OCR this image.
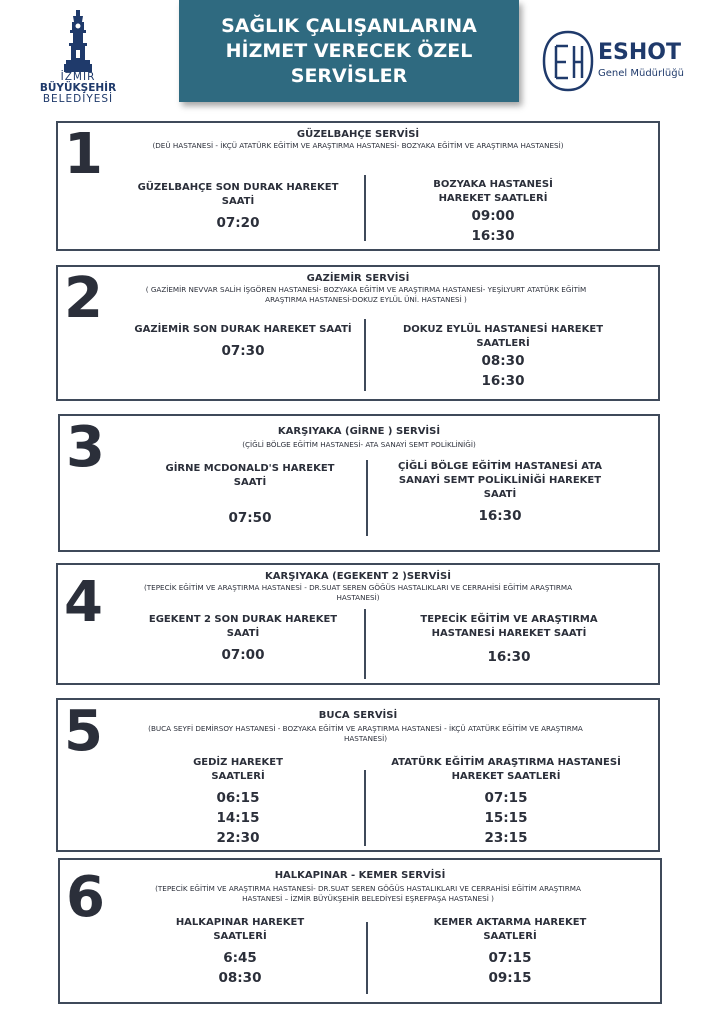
İZMİR
BÜYÜKŞEHİR
BELEDİYESİ
SAĞLIK ÇALIŞANLARINA
HİZMET VERECEK ÖZEL
SERVİSLER
ESHOT
Genel Müdürlüğü
1	GÜZELBAHÇE SERVİSİ
(DEÜ HASTANESİ - İKÇÜ ATATÜRK EĞİTİM VE ARAŞTIRMA HASTANESİ- BOZYAKA EĞİTİM VE ARAŞTIRMA HASTANESİ)
GÜZELBAHÇE SON DURAK HAREKET SAATİ
07:20
BOZYAKA HASTANESİ HAREKET SAATLERİ
09:00
16:30
2	GAZİEMİR SERVİSİ
( GAZİEMİR NEVVAR SALİH İŞGÖREN HASTANESİ- BOZYAKA EĞİTİM VE ARAŞTIRMA HASTANESİ- YEŞİLYURT ATATÜRK EĞİTİM ARAŞTIRMA HASTANESİ-DOKUZ EYLÜL ÜNİ. HASTANESİ )
GAZİEMİR SON DURAK HAREKET SAATİ
07:30
DOKUZ EYLÜL HASTANESİ HAREKET SAATLERİ
08:30
16:30
3	KARŞIYAKA (GİRNE ) SERVİSİ
(ÇİĞLİ BÖLGE EĞİTİM HASTANESİ- ATA SANAYİ SEMT POLİKLİNİĞİ)
GİRNE MCDONALD'S HAREKET SAATİ
07:50
ÇİĞLİ BÖLGE EĞİTİM HASTANESİ ATA SANAYİ SEMT POLİKLİNİĞİ HAREKET SAATİ
16:30
4	KARŞIYAKA (EGEKENT 2 )SERVİSİ
(TEPECİK EĞİTİM VE ARAŞTIRMA HASTANESİ - DR.SUAT SEREN GÖĞÜS HASTALIKLARI VE CERRAHİSİ EĞİTİM ARAŞTIRMA HASTANESİ)
EGEKENT 2 SON DURAK HAREKET SAATİ
07:00
TEPECİK EĞİTİM VE ARAŞTIRMA HASTANESİ HAREKET SAATİ
16:30
5	BUCA SERVİSİ
(BUCA SEYFİ DEMİRSOY HASTANESİ - BOZYAKA EĞİTİM VE ARAŞTIRMA HASTANESİ - İKÇÜ ATATÜRK EĞİTİM VE ARAŞTIRMA HASTANESİ)
GEDİZ HAREKET SAATLERİ
06:15
14:15
22:30
ATATÜRK EĞİTİM ARAŞTIRMA HASTANESİ HAREKET SAATLERİ
07:15
15:15
23:15
6	HALKAPINAR - KEMER SERVİSİ
(TEPECİK EĞİTİM VE ARAŞTIRMA HASTANESİ- DR.SUAT SEREN GÖĞÜS HASTALIKLARI VE CERRAHİSİ EĞİTİM ARAŞTIRMA HASTANESİ – İZMİR BÜYÜKŞEHİR BELEDİYESİ EŞREFPAŞA HASTANESİ )
HALKAPINAR HAREKET SAATLERİ
6:45
08:30
KEMER AKTARMA HAREKET SAATLERİ
07:15
09:15
